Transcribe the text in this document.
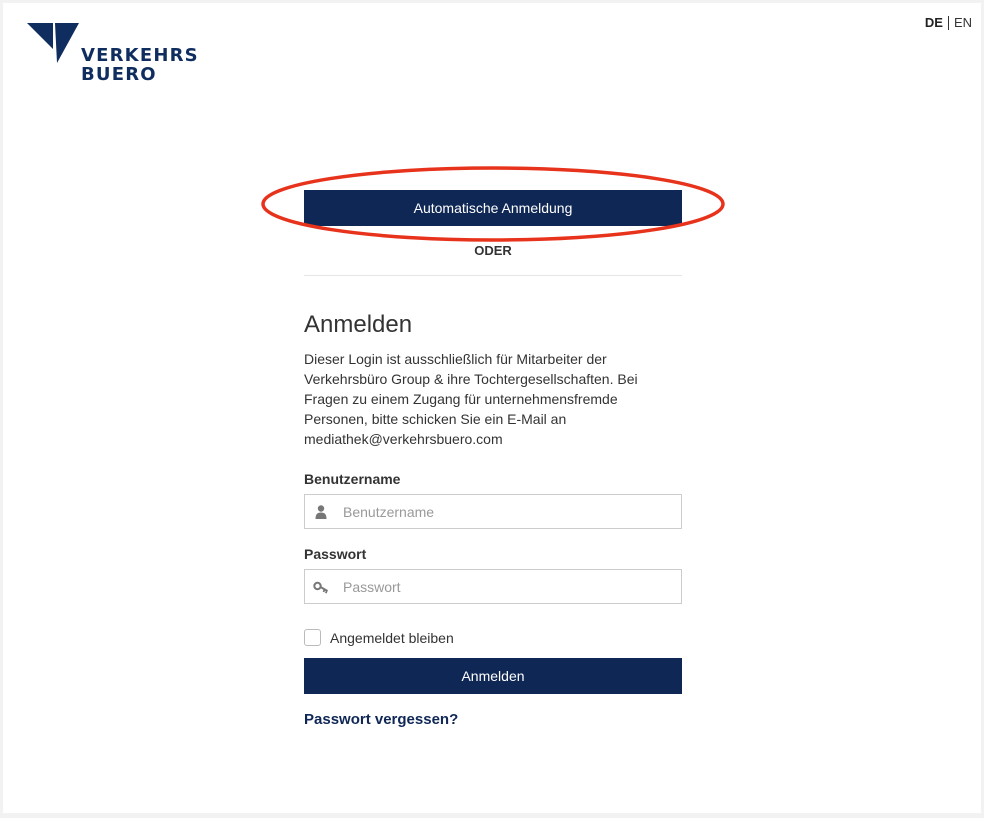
VERKEHRS
BUERO
DE EN
Automatische Anmeldung
ODER
Anmelden
Dieser Login ist ausschließlich für Mitarbeiter der Verkehrsbüro Group & ihre Tochtergesellschaften. Bei Fragen zu einem Zugang für unternehmensfremde Personen, bitte schicken Sie ein E-Mail an mediathek@verkehrsbuero.com
Benutzername
Benutzername
Passwort
Angemeldet bleiben
Anmelden
Passwort vergessen?
